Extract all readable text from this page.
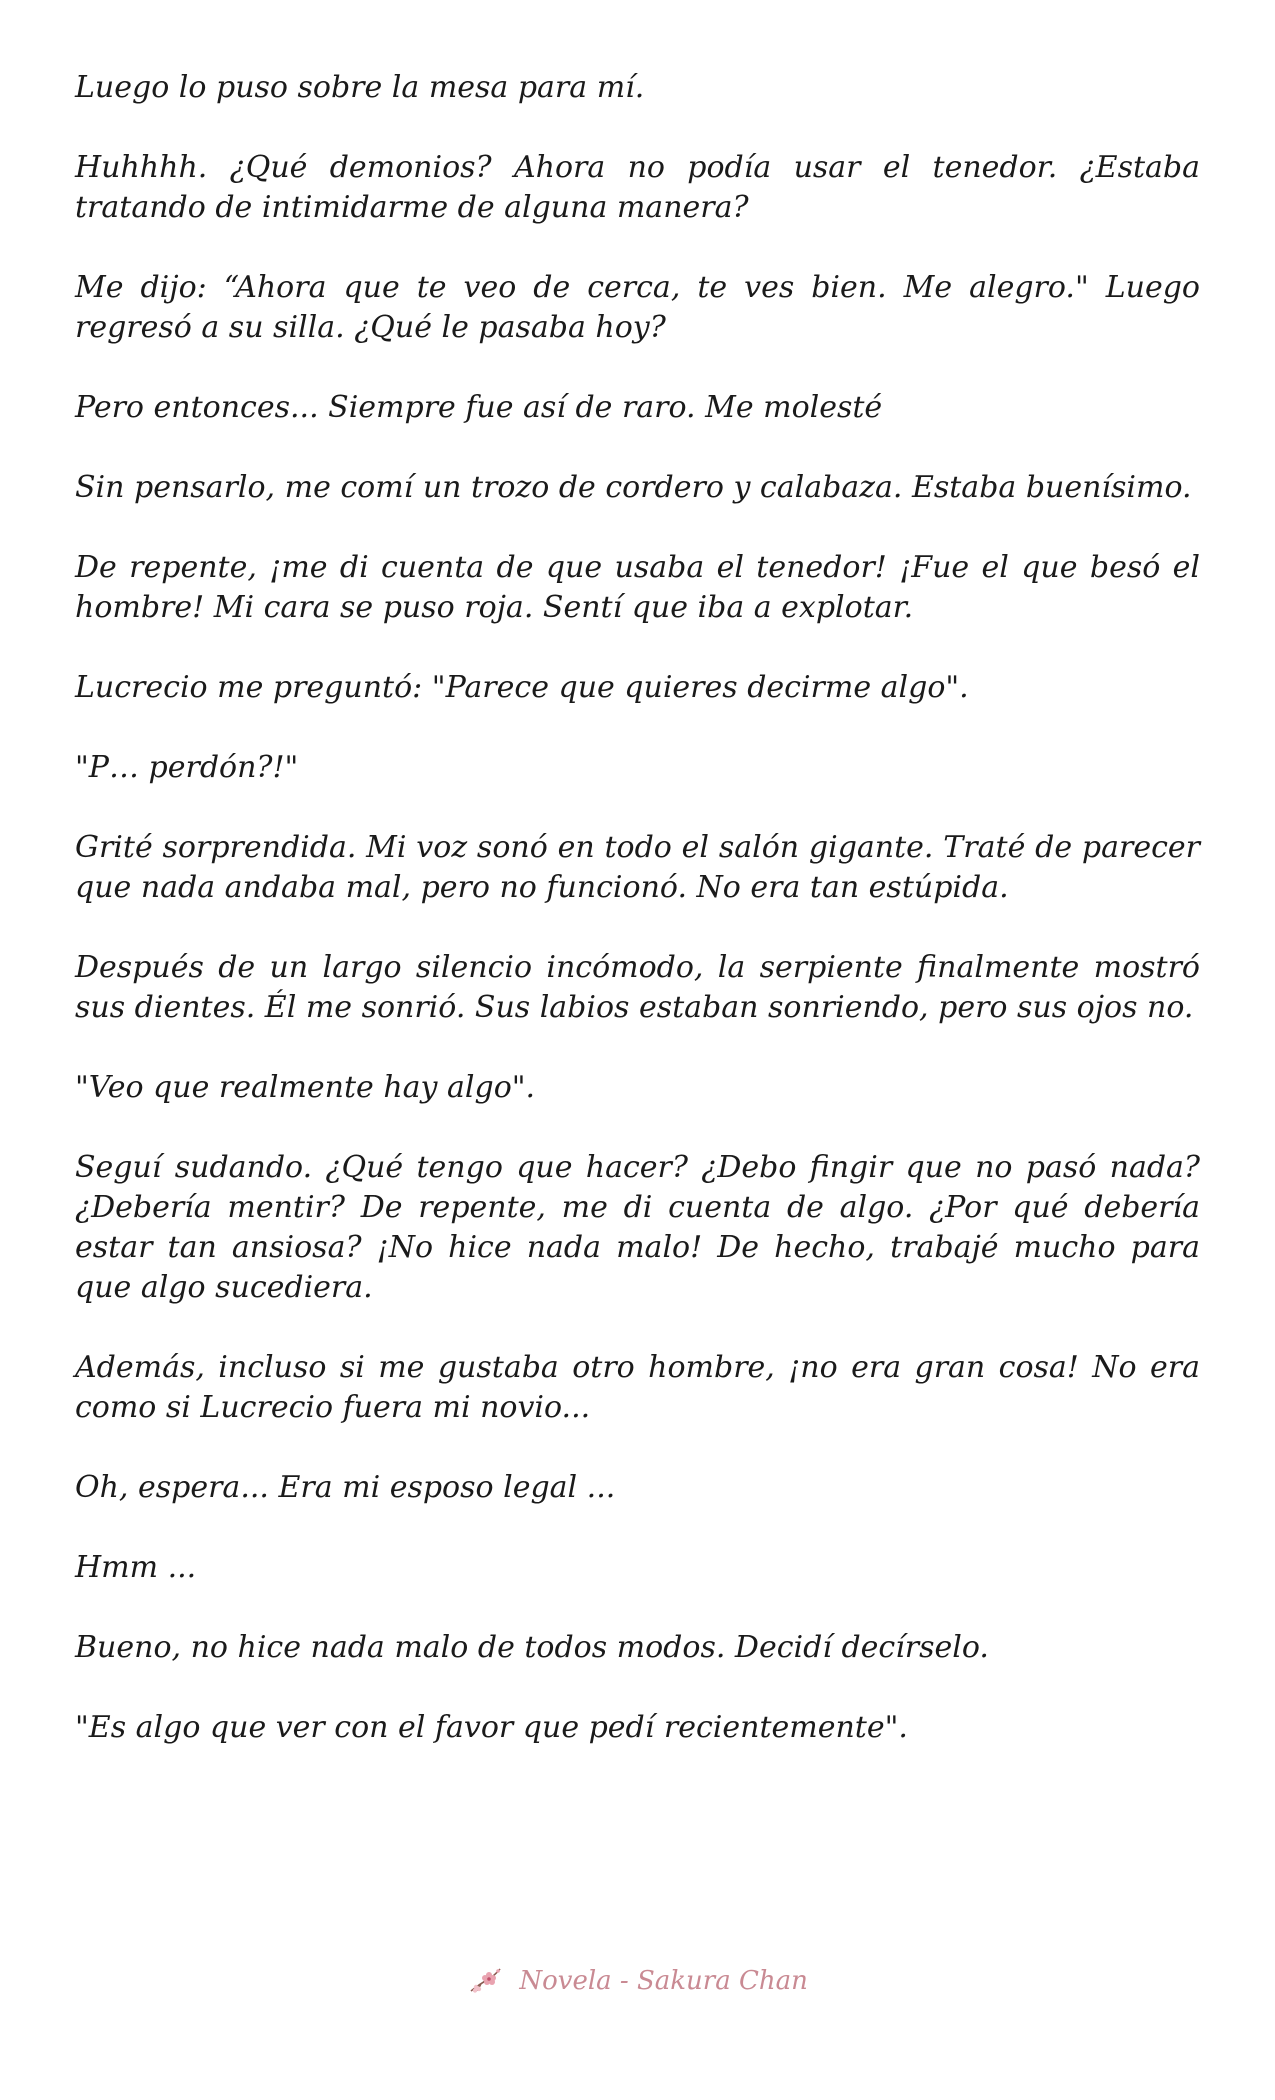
Luego lo puso sobre la mesa para mí.

Huhhhh. ¿Qué demonios? Ahora no podía usar el tenedor. ¿Estaba tratando de intimidarme de alguna manera?

Me dijo: “Ahora que te veo de cerca, te ves bien. Me alegro." Luego regresó a su silla. ¿Qué le pasaba hoy?

Pero entonces... Siempre fue así de raro. Me molesté

Sin pensarlo, me comí un trozo de cordero y calabaza. Estaba buenísimo.

De repente, ¡me di cuenta de que usaba el tenedor! ¡Fue el que besó el hombre! Mi cara se puso roja. Sentí que iba a explotar.

Lucrecio me preguntó: "Parece que quieres decirme algo".

"P… perdón?!"

Grité sorprendida. Mi voz sonó en todo el salón gigante. Traté de parecer que nada andaba mal, pero no funcionó. No era tan estúpida.

Después de un largo silencio incómodo, la serpiente finalmente mostró sus dientes. Él me sonrió. Sus labios estaban sonriendo, pero sus ojos no.

"Veo que realmente hay algo".

Seguí sudando. ¿Qué tengo que hacer? ¿Debo fingir que no pasó nada? ¿Debería mentir? De repente, me di cuenta de algo. ¿Por qué debería estar tan ansiosa? ¡No hice nada malo! De hecho, trabajé mucho para que algo sucediera.

Además, incluso si me gustaba otro hombre, ¡no era gran cosa! No era como si Lucrecio fuera mi novio...

Oh, espera... Era mi esposo legal ...

Hmm ...

Bueno, no hice nada malo de todos modos. Decidí decírselo.

"Es algo que ver con el favor que pedí recientemente".

Novela - Sakura Chan
